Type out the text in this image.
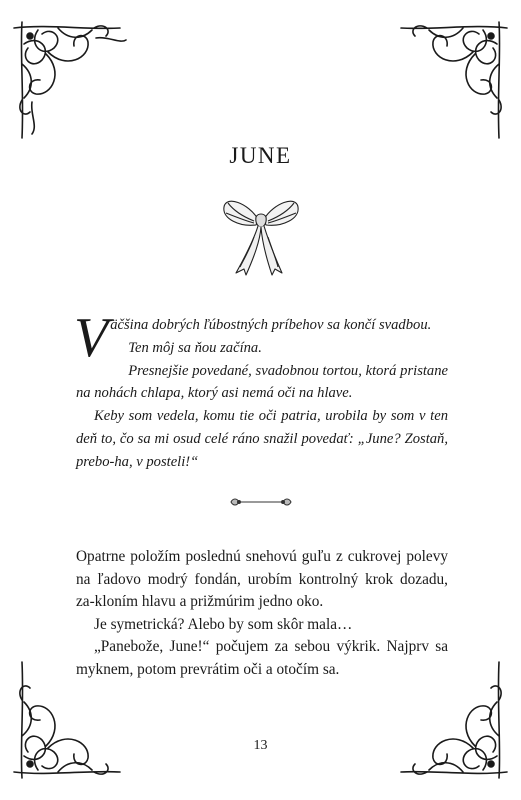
JUNE
V äčšina dobrých ľúbostných príbehov sa končí svadbou.

Ten môj sa ňou začína.

Presnejšie povedané, svadobnou tortou, ktorá pristane na nohách chlapa, ktorý asi nemá oči na hlave.

Keby som vedela, komu tie oči patria, urobila by som v ten deň to, čo sa mi osud celé ráno snažil povedať: „June? Zostaň, prebo-ha, v posteli!“

Opatrne položím poslednú snehovú guľu z cukrovej polevy na ľadovo modrý fondán, urobím kontrolný krok dozadu, za-kloním hlavu a prižmúrim jedno oko.

Je symetrická? Alebo by som skôr mala…

„Panebože, June!“ počujem za sebou výkrik. Najprv sa myknem, potom prevrátim oči a otočím sa.

13
